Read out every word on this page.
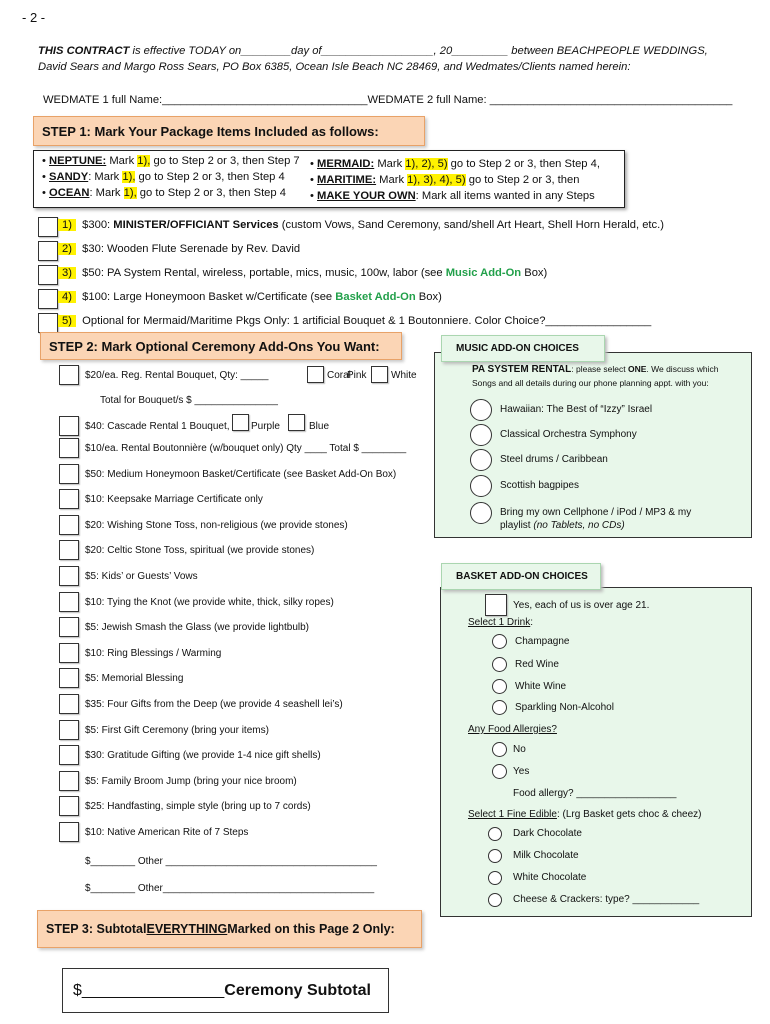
- 2 -
THIS CONTRACT is effective TODAY on________day of__________________, 20_________ between BEACHPEOPLE WEDDINGS,
David Sears and Margo Ross Sears, PO Box 6385, Ocean Isle Beach NC 28469, and Wedmates/Clients named herein:
WEDMATE 1 full Name:_________________________________WEDMATE 2 full Name: _______________________________________
STEP 1: Mark Your Package Items Included as follows:
• NEPTUNE: Mark 1), go to Step 2 or 3, then Step 7
• SANDY: Mark 1), go to Step 2 or 3, then Step 4
• OCEAN: Mark 1), go to Step 2 or 3, then Step 4
• MERMAID: Mark 1), 2), 5) go to Step 2 or 3, then Step 4,
• MARITIME: Mark 1), 3), 4), 5) go to Step 2 or 3, then
• MAKE YOUR OWN: Mark all items wanted in any Steps
1) $300: MINISTER/OFFICIANT Services (custom Vows, Sand Ceremony, sand/shell Art Heart, Shell Horn Herald, etc.)
2) $30: Wooden Flute Serenade by Rev. David
3) $50: PA System Rental, wireless, portable, mics, music, 100w, labor (see Music Add-On Box)
4) $100: Large Honeymoon Basket w/Certificate (see Basket Add-On Box)
5) Optional for Mermaid/Maritime Pkgs Only: 1 artificial Bouquet & 1 Boutonniere. Color Choice?_________________
STEP 2: Mark Optional Ceremony Add-Ons You Want:
$20/ea. Reg. Rental Bouquet, Qty: _____	Coral
Pink White
Total for Bouquet/s $ _______________
$40: Cascade Rental 1 Bouquet, Purple	Blue
$10/ea. Rental Boutonnière (w/bouquet only) Qty ____ Total $ ________
$50: Medium Honeymoon Basket/Certificate (see Basket Add-On Box)
$10: Keepsake Marriage Certificate only
$20: Wishing Stone Toss, non-religious (we provide stones)
$20: Celtic Stone Toss, spiritual (we provide stones)
$5: Kids’ or Guests’ Vows
$10: Tying the Knot (we provide white, thick, silky ropes)
$5: Jewish Smash the Glass (we provide lightbulb)
$10: Ring Blessings / Warming
$5: Memorial Blessing
$35: Four Gifts from the Deep (we provide 4 seashell lei’s)
$5: First Gift Ceremony (bring your items)
$30: Gratitude Gifting (we provide 1-4 nice gift shells)
$5: Family Broom Jump (bring your nice broom)
$25: Handfasting, simple style (bring up to 7 cords)
$10: Native American Rite of 7 Steps
$________ Other ______________________________________
$________ Other______________________________________
MUSIC ADD-ON CHOICES
PA SYSTEM RENTAL: please select ONE. We discuss which
Songs and all details during our phone planning appt. with you:
Hawaiian: The Best of “Izzy” Israel
Classical Orchestra Symphony
Steel drums / Caribbean
Scottish bagpipes
Bring my own Cellphone / iPod / MP3 & my
playlist (no Tablets, no CDs)
BASKET ADD-ON CHOICES
Yes, each of us is over age 21.
Select 1 Drink:
Champagne
Red Wine
White Wine
Sparkling Non-Alcohol
Any Food Allergies?
No
Yes
Food allergy? __________________
Select 1 Fine Edible: (Lrg Basket gets choc & cheez)
Dark Chocolate
Milk Chocolate
White Chocolate
Cheese & Crackers: type? ____________
STEP 3: Subtotal EVERYTHING Marked on this Page 2 Only:
$________________ Ceremony Subtotal
